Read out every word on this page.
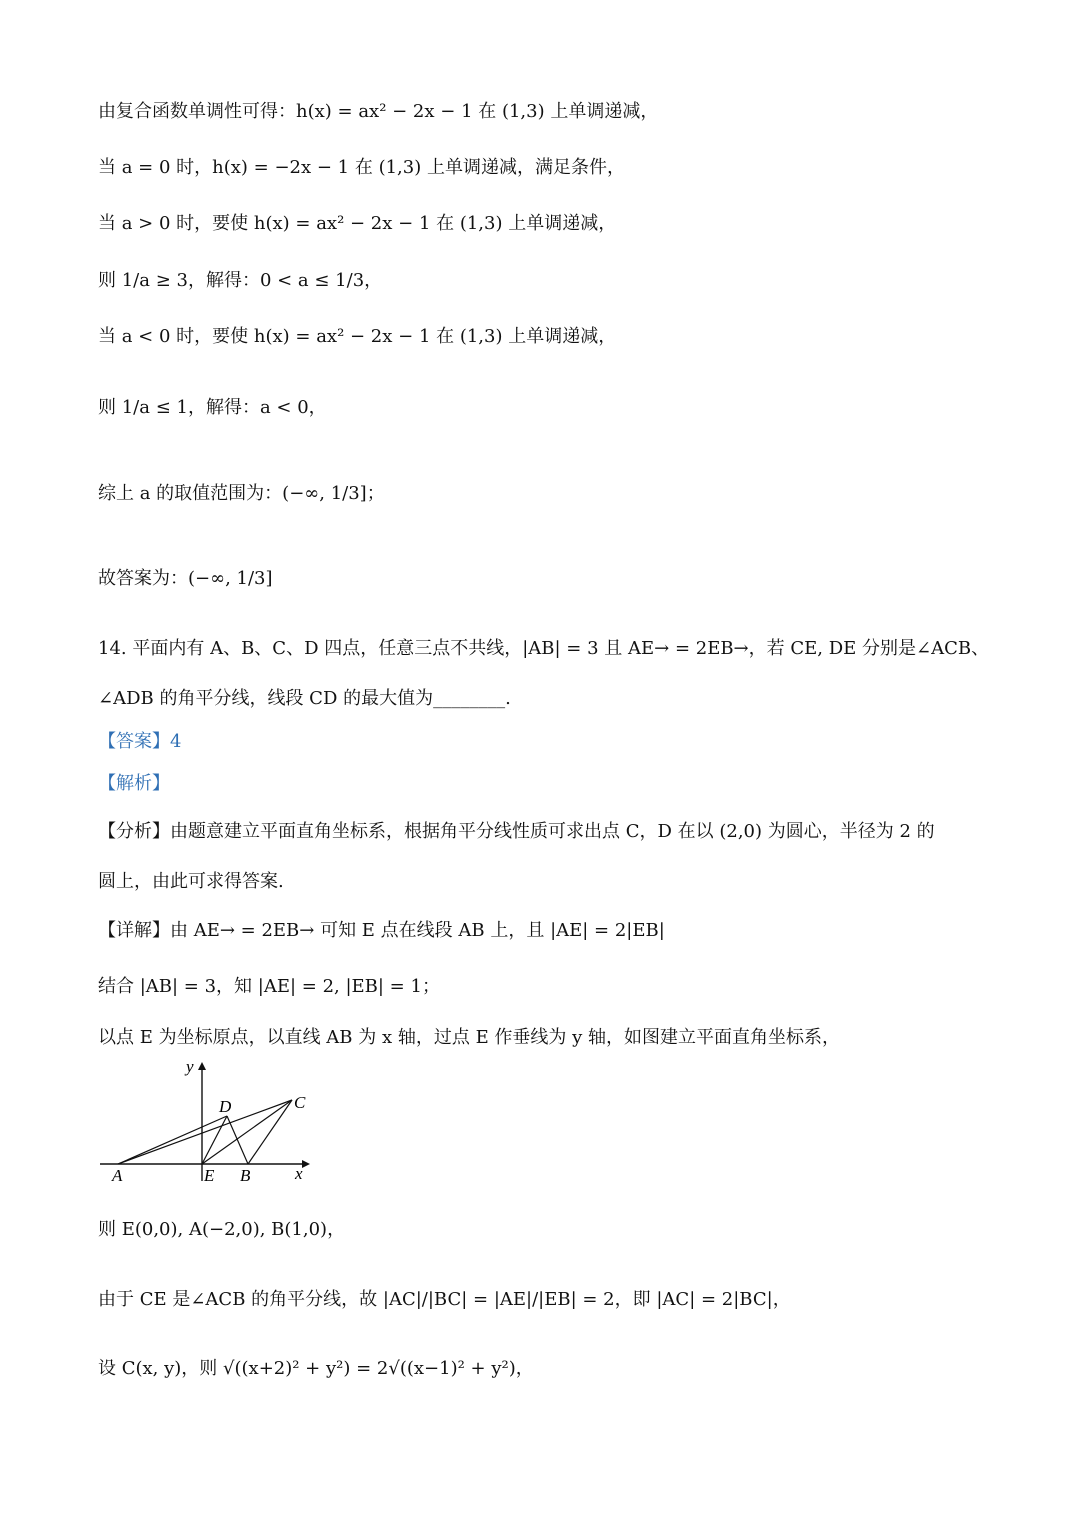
由复合函数单调性可得：h(x) = ax² − 2x − 1 在 (1,3) 上单调递减，
当 a = 0 时，h(x) = −2x − 1 在 (1,3) 上单调递减，满足条件，
当 a > 0 时，要使 h(x) = ax² − 2x − 1 在 (1,3) 上单调递减，
则 1/a ≥ 3，解得：0 < a ≤ 1/3，
当 a < 0 时，要使 h(x) = ax² − 2x − 1 在 (1,3) 上单调递减，
则 1/a ≤ 1，解得：a < 0，
综上 a 的取值范围为：(−∞, 1/3]；
故答案为：(−∞, 1/3]
14. 平面内有 A、B、C、D 四点，任意三点不共线，|AB| = 3 且 AE→ = 2EB→，若 CE, DE 分别是∠ACB、
∠ADB 的角平分线，线段 CD 的最大值为________.
【答案】4
【解析】
【分析】由题意建立平面直角坐标系，根据角平分线性质可求出点 C，D 在以 (2,0) 为圆心，半径为 2 的
圆上，由此可求得答案.
【详解】由 AE→ = 2EB→ 可知 E 点在线段 AB 上，且 |AE| = 2|EB|
结合 |AB| = 3，知 |AE| = 2, |EB| = 1；
以点 E 为坐标原点，以直线 AB 为 x 轴，过点 E 作垂线为 y 轴，如图建立平面直角坐标系，
y
x
A	E B
D	C
则 E(0,0), A(−2,0), B(1,0)，
由于 CE 是∠ACB 的角平分线，故 |AC|/|BC| = |AE|/|EB| = 2，即 |AC| = 2|BC|，
设 C(x, y)，则 √((x+2)² + y²) = 2√((x−1)² + y²)，
